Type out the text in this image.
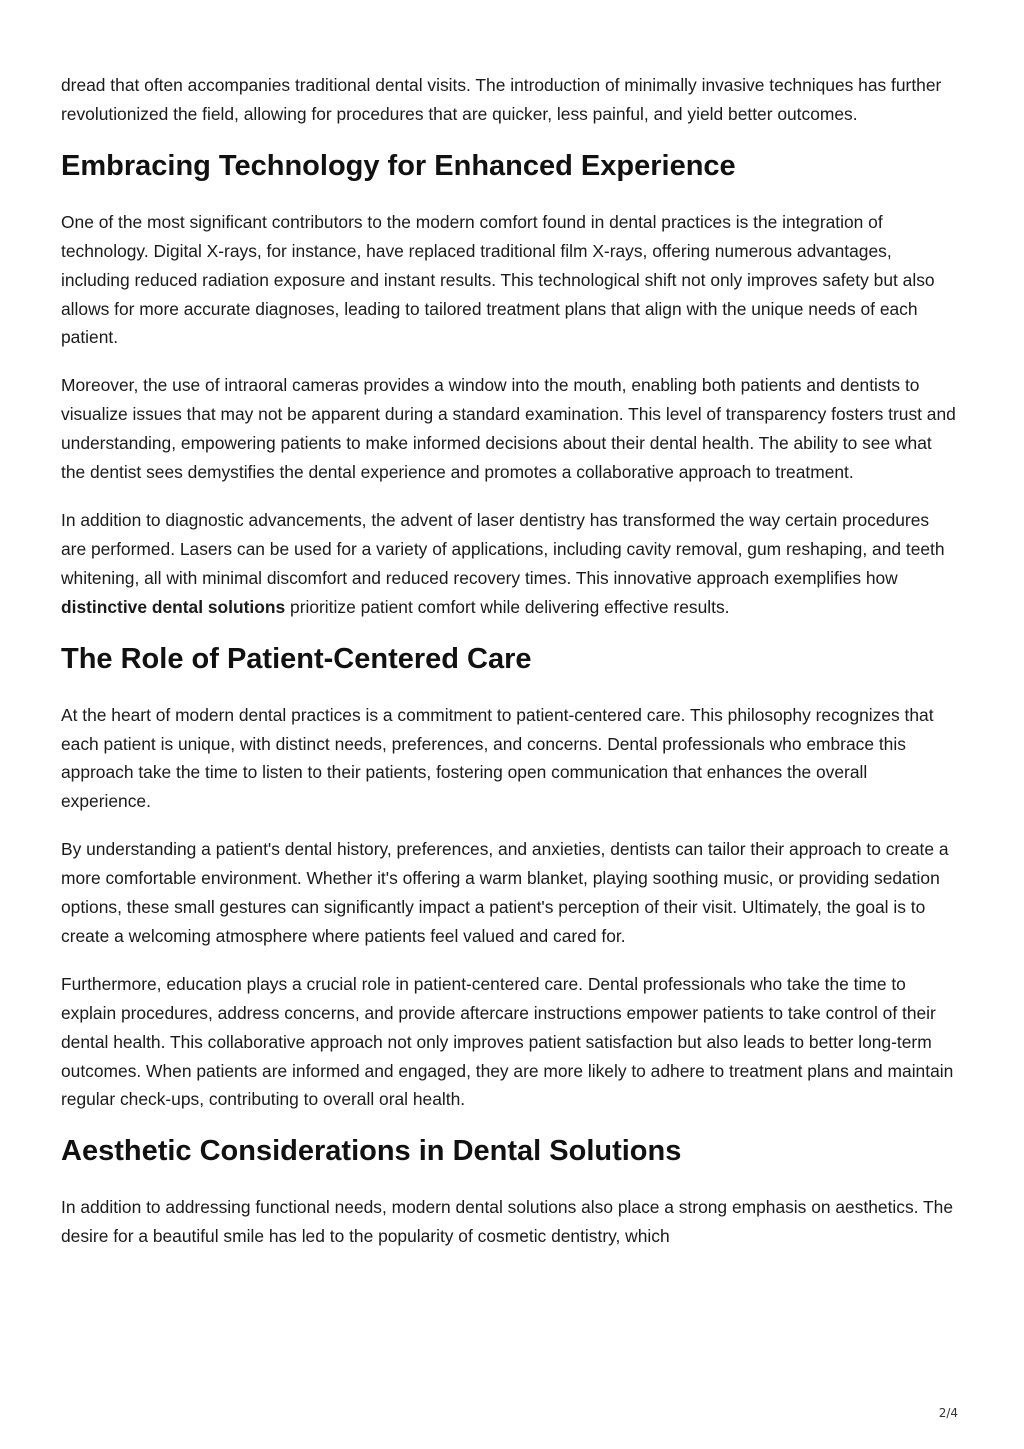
dread that often accompanies traditional dental visits. The introduction of minimally invasive techniques has further revolutionized the field, allowing for procedures that are quicker, less painful, and yield better outcomes.

Embracing Technology for Enhanced Experience

One of the most significant contributors to the modern comfort found in dental practices is the integration of technology. Digital X-rays, for instance, have replaced traditional film X-rays, offering numerous advantages, including reduced radiation exposure and instant results. This technological shift not only improves safety but also allows for more accurate diagnoses, leading to tailored treatment plans that align with the unique needs of each patient.

Moreover, the use of intraoral cameras provides a window into the mouth, enabling both patients and dentists to visualize issues that may not be apparent during a standard examination. This level of transparency fosters trust and understanding, empowering patients to make informed decisions about their dental health. The ability to see what the dentist sees demystifies the dental experience and promotes a collaborative approach to treatment.

In addition to diagnostic advancements, the advent of laser dentistry has transformed the way certain procedures are performed. Lasers can be used for a variety of applications, including cavity removal, gum reshaping, and teeth whitening, all with minimal discomfort and reduced recovery times. This innovative approach exemplifies how distinctive dental solutions prioritize patient comfort while delivering effective results.

The Role of Patient-Centered Care

At the heart of modern dental practices is a commitment to patient-centered care. This philosophy recognizes that each patient is unique, with distinct needs, preferences, and concerns. Dental professionals who embrace this approach take the time to listen to their patients, fostering open communication that enhances the overall experience.

By understanding a patient's dental history, preferences, and anxieties, dentists can tailor their approach to create a more comfortable environment. Whether it's offering a warm blanket, playing soothing music, or providing sedation options, these small gestures can significantly impact a patient's perception of their visit. Ultimately, the goal is to create a welcoming atmosphere where patients feel valued and cared for.

Furthermore, education plays a crucial role in patient-centered care. Dental professionals who take the time to explain procedures, address concerns, and provide aftercare instructions empower patients to take control of their dental health. This collaborative approach not only improves patient satisfaction but also leads to better long-term outcomes. When patients are informed and engaged, they are more likely to adhere to treatment plans and maintain regular check-ups, contributing to overall oral health.

Aesthetic Considerations in Dental Solutions

In addition to addressing functional needs, modern dental solutions also place a strong emphasis on aesthetics. The desire for a beautiful smile has led to the popularity of cosmetic dentistry, which

2/4
